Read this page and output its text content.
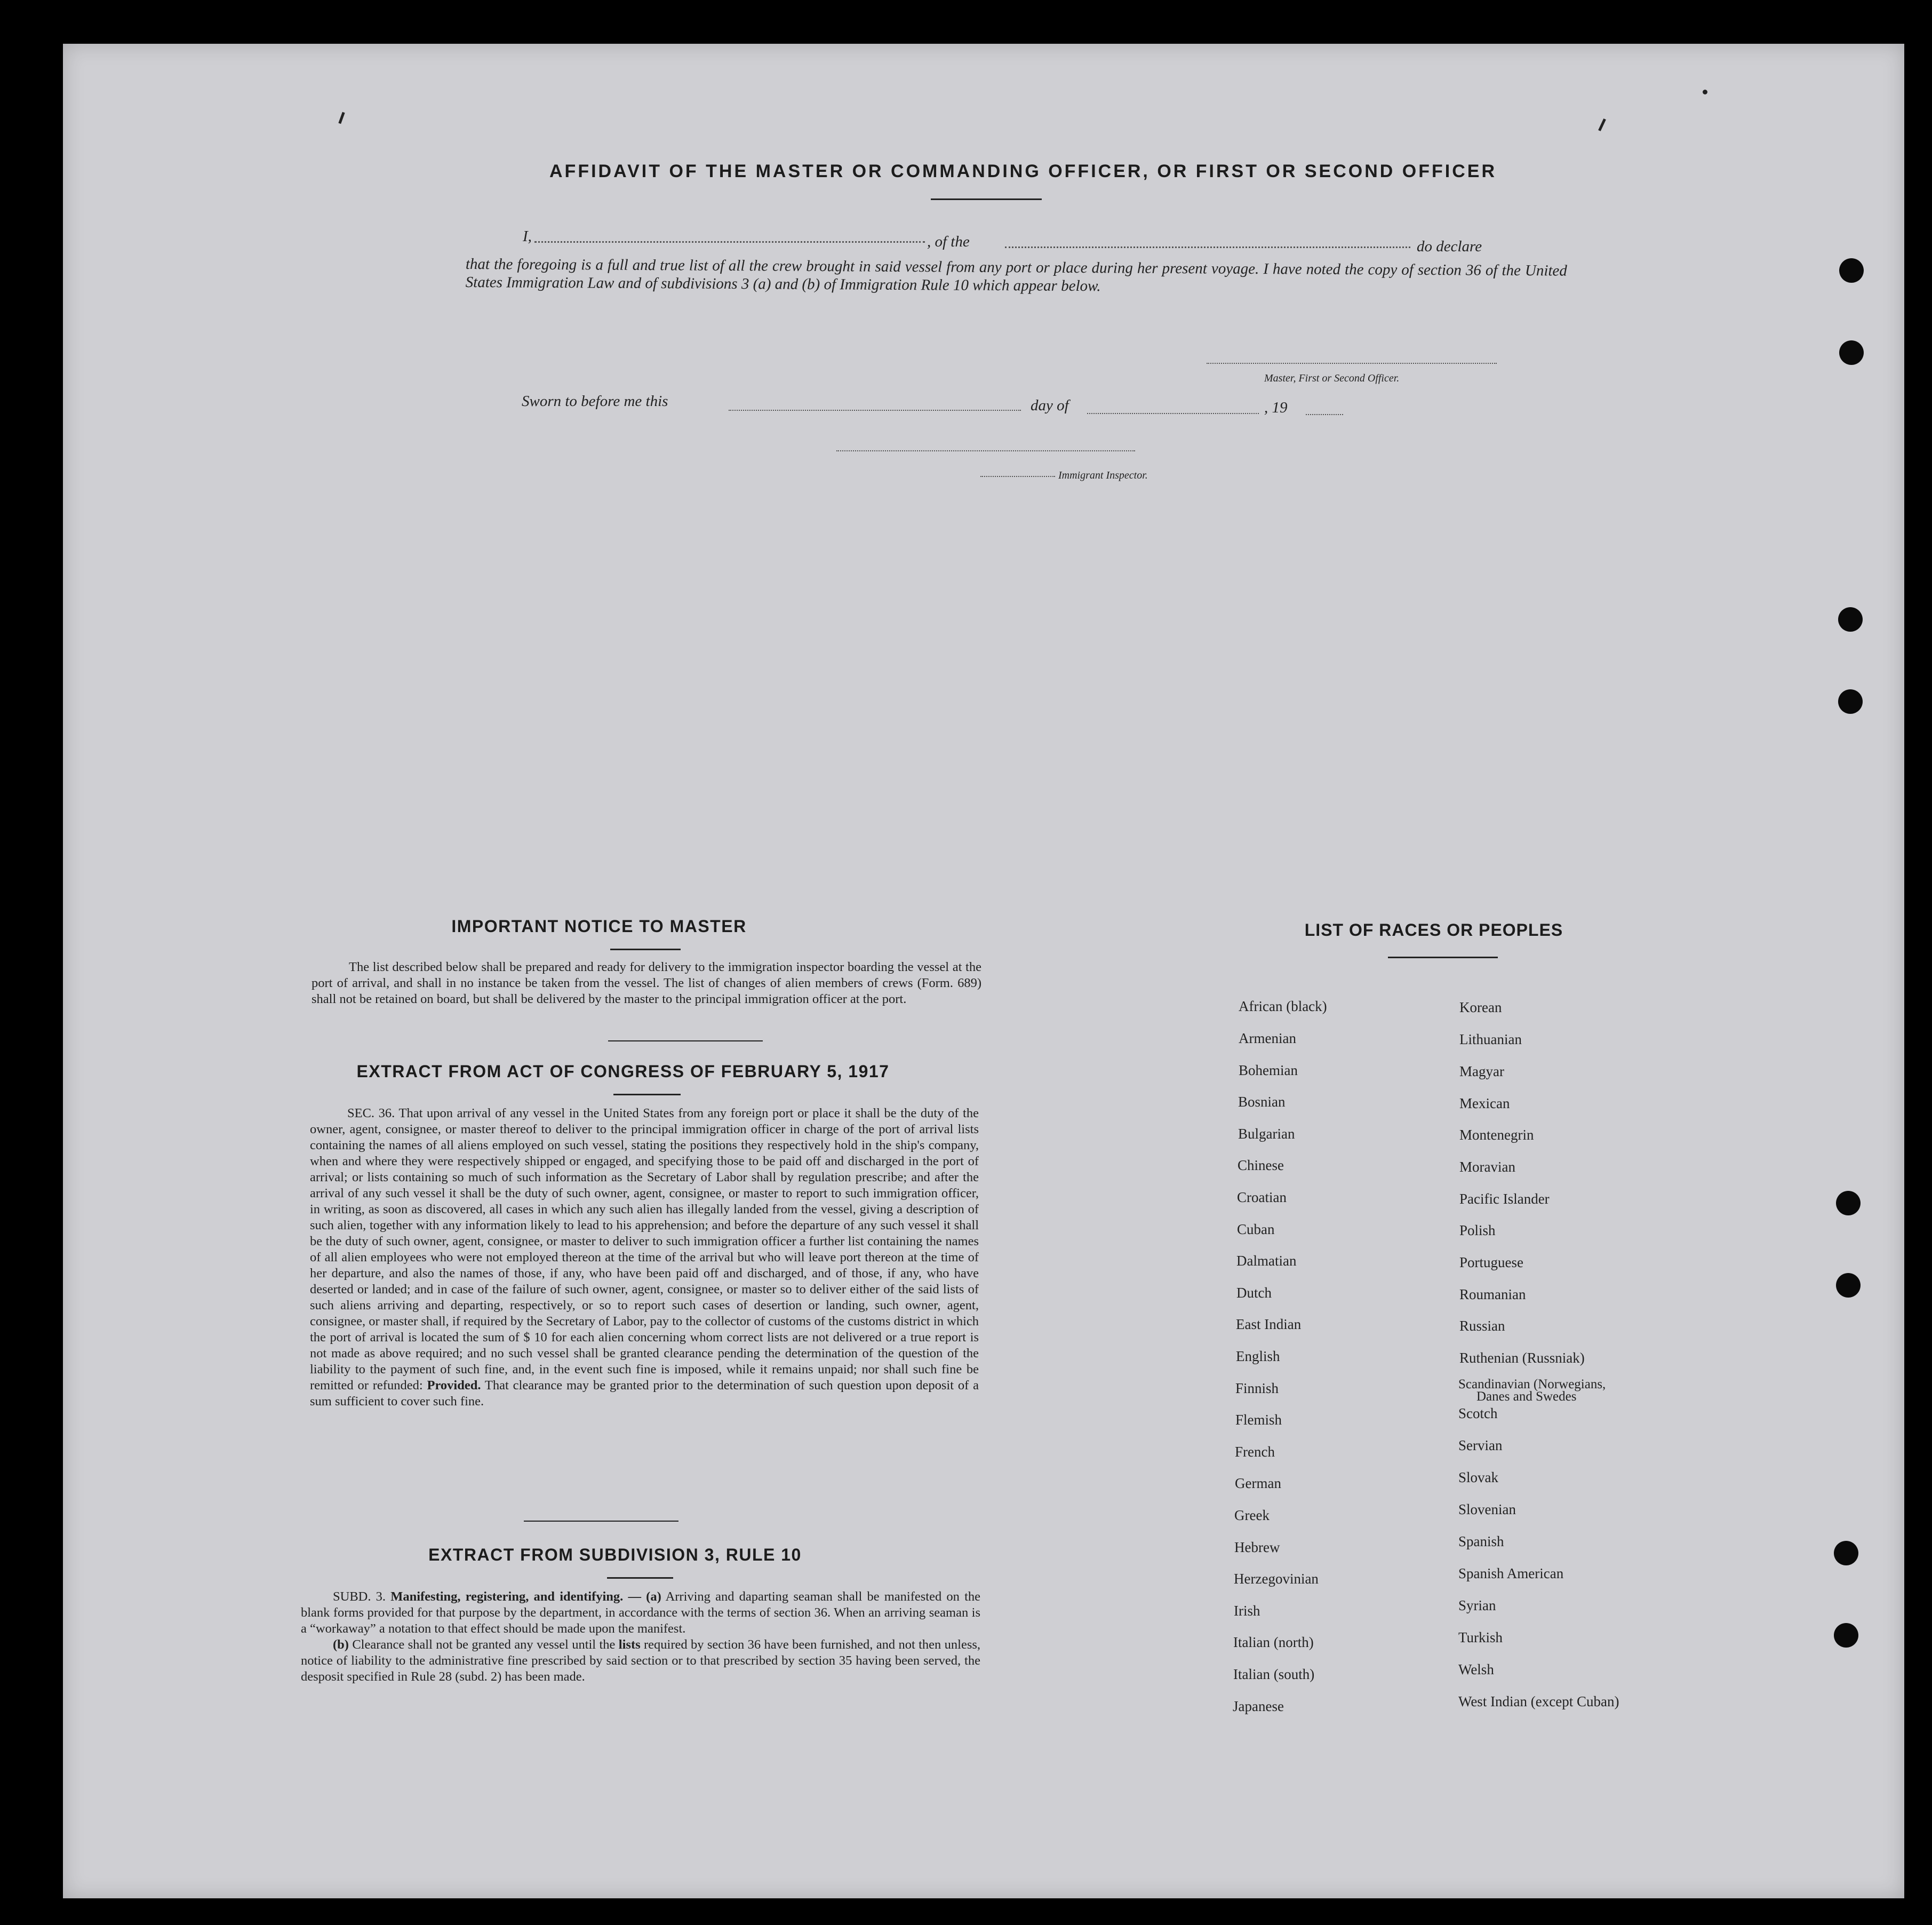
AFFIDAVIT OF THE MASTER OR COMMANDING OFFICER, OR FIRST OR SECOND OFFICER
I,	, of the	do declare
that the foregoing is a full and true list of all the crew brought in said vessel from any port or place during her present voyage. I have noted the copy of section 36 of the United States Immigration Law and of subdivisions 3 (a) and (b) of Immigration Rule 10 which appear below.
Master, First or Second Officer.
Sworn to before me this	day of	, 19
Immigrant Inspector.
IMPORTANT NOTICE TO MASTER

The list described below shall be prepared and ready for delivery to the immigration inspector boarding the vessel at the port of arrival, and shall in no instance be taken from the vessel. The list of changes of alien members of crews (Form. 689) shall not be retained on board, but shall be delivered by the master to the principal immigration officer at the port.

EXTRACT FROM ACT OF CONGRESS OF FEBRUARY 5, 1917

SEC. 36. That upon arrival of any vessel in the United States from any foreign port or place it shall be the duty of the owner, agent, consignee, or master thereof to deliver to the principal immigration officer in charge of the port of arrival lists containing the names of all aliens employed on such vessel, stating the positions they respectively hold in the ship's company, when and where they were respectively shipped or engaged, and specifying those to be paid off and discharged in the port of arrival; or lists containing so much of such information as the Secretary of Labor shall by regulation prescribe; and after the arrival of any such vessel it shall be the duty of such owner, agent, consignee, or master to report to such immigration officer, in writing, as soon as discovered, all cases in which any such alien has illegally landed from the vessel, giving a description of such alien, together with any information likely to lead to his apprehension; and before the departure of any such vessel it shall be the duty of such owner, agent, consignee, or master to deliver to such immigration officer a further list containing the names of all alien employees who were not employed thereon at the time of the arrival but who will leave port thereon at the time of her departure, and also the names of those, if any, who have been paid off and discharged, and of those, if any, who have deserted or landed; and in case of the failure of such owner, agent, consignee, or master so to deliver either of the said lists of such aliens arriving and departing, respectively, or so to report such cases of desertion or landing, such owner, agent, consignee, or master shall, if required by the Secretary of Labor, pay to the collector of customs of the customs district in which the port of arrival is located the sum of $ 10 for each alien concerning whom correct lists are not delivered or a true report is not made as above required; and no such vessel shall be granted clearance pending the determination of the question of the liability to the payment of such fine, and, in the event such fine is imposed, while it remains unpaid; nor shall such fine be remitted or refunded: Provided. That clearance may be granted prior to the determination of such question upon deposit of a sum sufficient to cover such fine.

EXTRACT FROM SUBDIVISION 3, RULE 10

SUBD. 3. Manifesting, registering, and identifying. — (a) Arriving and daparting seaman shall be manifested on the blank forms provided for that purpose by the department, in accordance with the terms of section 36. When an arriving seaman is a “workaway” a notation to that effect should be made upon the manifest.

(b) Clearance shall not be granted any vessel until the lists required by section 36 have been furnished, and not then unless, notice of liability to the administrative fine prescribed by said section or to that prescribed by section 35 having been served, the desposit specified in Rule 28 (subd. 2) has been made.

LIST OF RACES OR PEOPLES
African (black)
Armenian
Bohemian
Bosnian
Bulgarian
Chinese
Croatian
Cuban
Dalmatian
Dutch
East Indian
English
Finnish
Flemish
French
German
Greek
Hebrew
Herzegovinian
Irish
Italian (north)
Italian (south)
Japanese
Korean
Lithuanian
Magyar
Mexican
Montenegrin
Moravian
Pacific Islander
Polish
Portuguese
Roumanian
Russian
Ruthenian (Russniak)
Scandinavian (Norwegians,
Danes and Swedes
Scotch
Servian
Slovak
Slovenian
Spanish
Spanish American
Syrian
Turkish
Welsh
West Indian (except Cuban)
